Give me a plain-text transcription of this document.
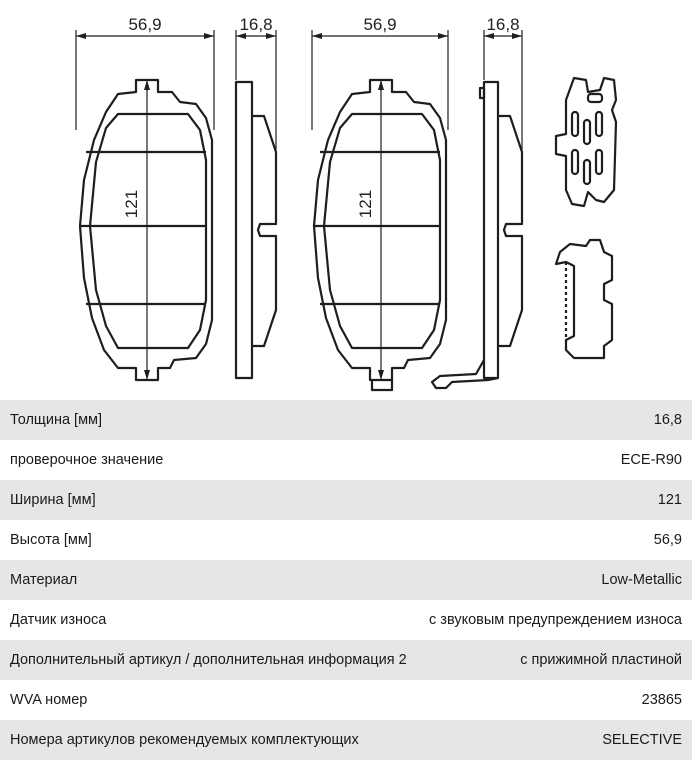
56,9	16,8	56,9	16,8
121	121
Толщина [мм]	16,8
проверочное значение	ECE-R90
Ширина [мм]	121
Высота [мм]	56,9
Материал	Low-Metallic
Датчик износа	с звуковым предупреждением износа
Дополнительный артикул / дополнительная информация 2	с прижимной пластиной
WVA номер	23865
Номера артикулов рекомендуемых комплектующих	SELECTIVE
